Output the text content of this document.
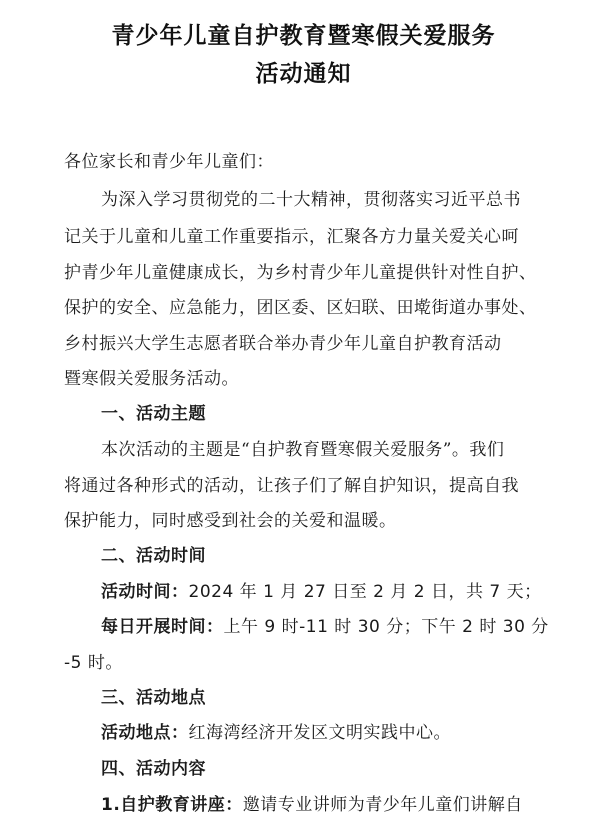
青少年儿童自护教育暨寒假关爱服务
活动通知
各位家长和青少年儿童们：
为深入学习贯彻党的二十大精神，贯彻落实习近平总书
记关于儿童和儿童工作重要指示，汇聚各方力量关爱关心呵
护青少年儿童健康成长，为乡村青少年儿童提供针对性自护、
保护的安全、应急能力，团区委、区妇联、田墘街道办事处、
乡村振兴大学生志愿者联合举办青少年儿童自护教育活动
暨寒假关爱服务活动。
一、活动主题
本次活动的主题是“自护教育暨寒假关爱服务”。我们
将通过各种形式的活动，让孩子们了解自护知识，提高自我
保护能力，同时感受到社会的关爱和温暖。
二、活动时间
活动时间：2024 年 1 月 27 日至 2 月 2 日，共 7 天；
每日开展时间：上午 9 时-11 时 30 分；下午 2 时 30 分
-5 时。
三、活动地点
活动地点：红海湾经济开发区文明实践中心。
四、活动内容
1.自护教育讲座：邀请专业讲师为青少年儿童们讲解自
